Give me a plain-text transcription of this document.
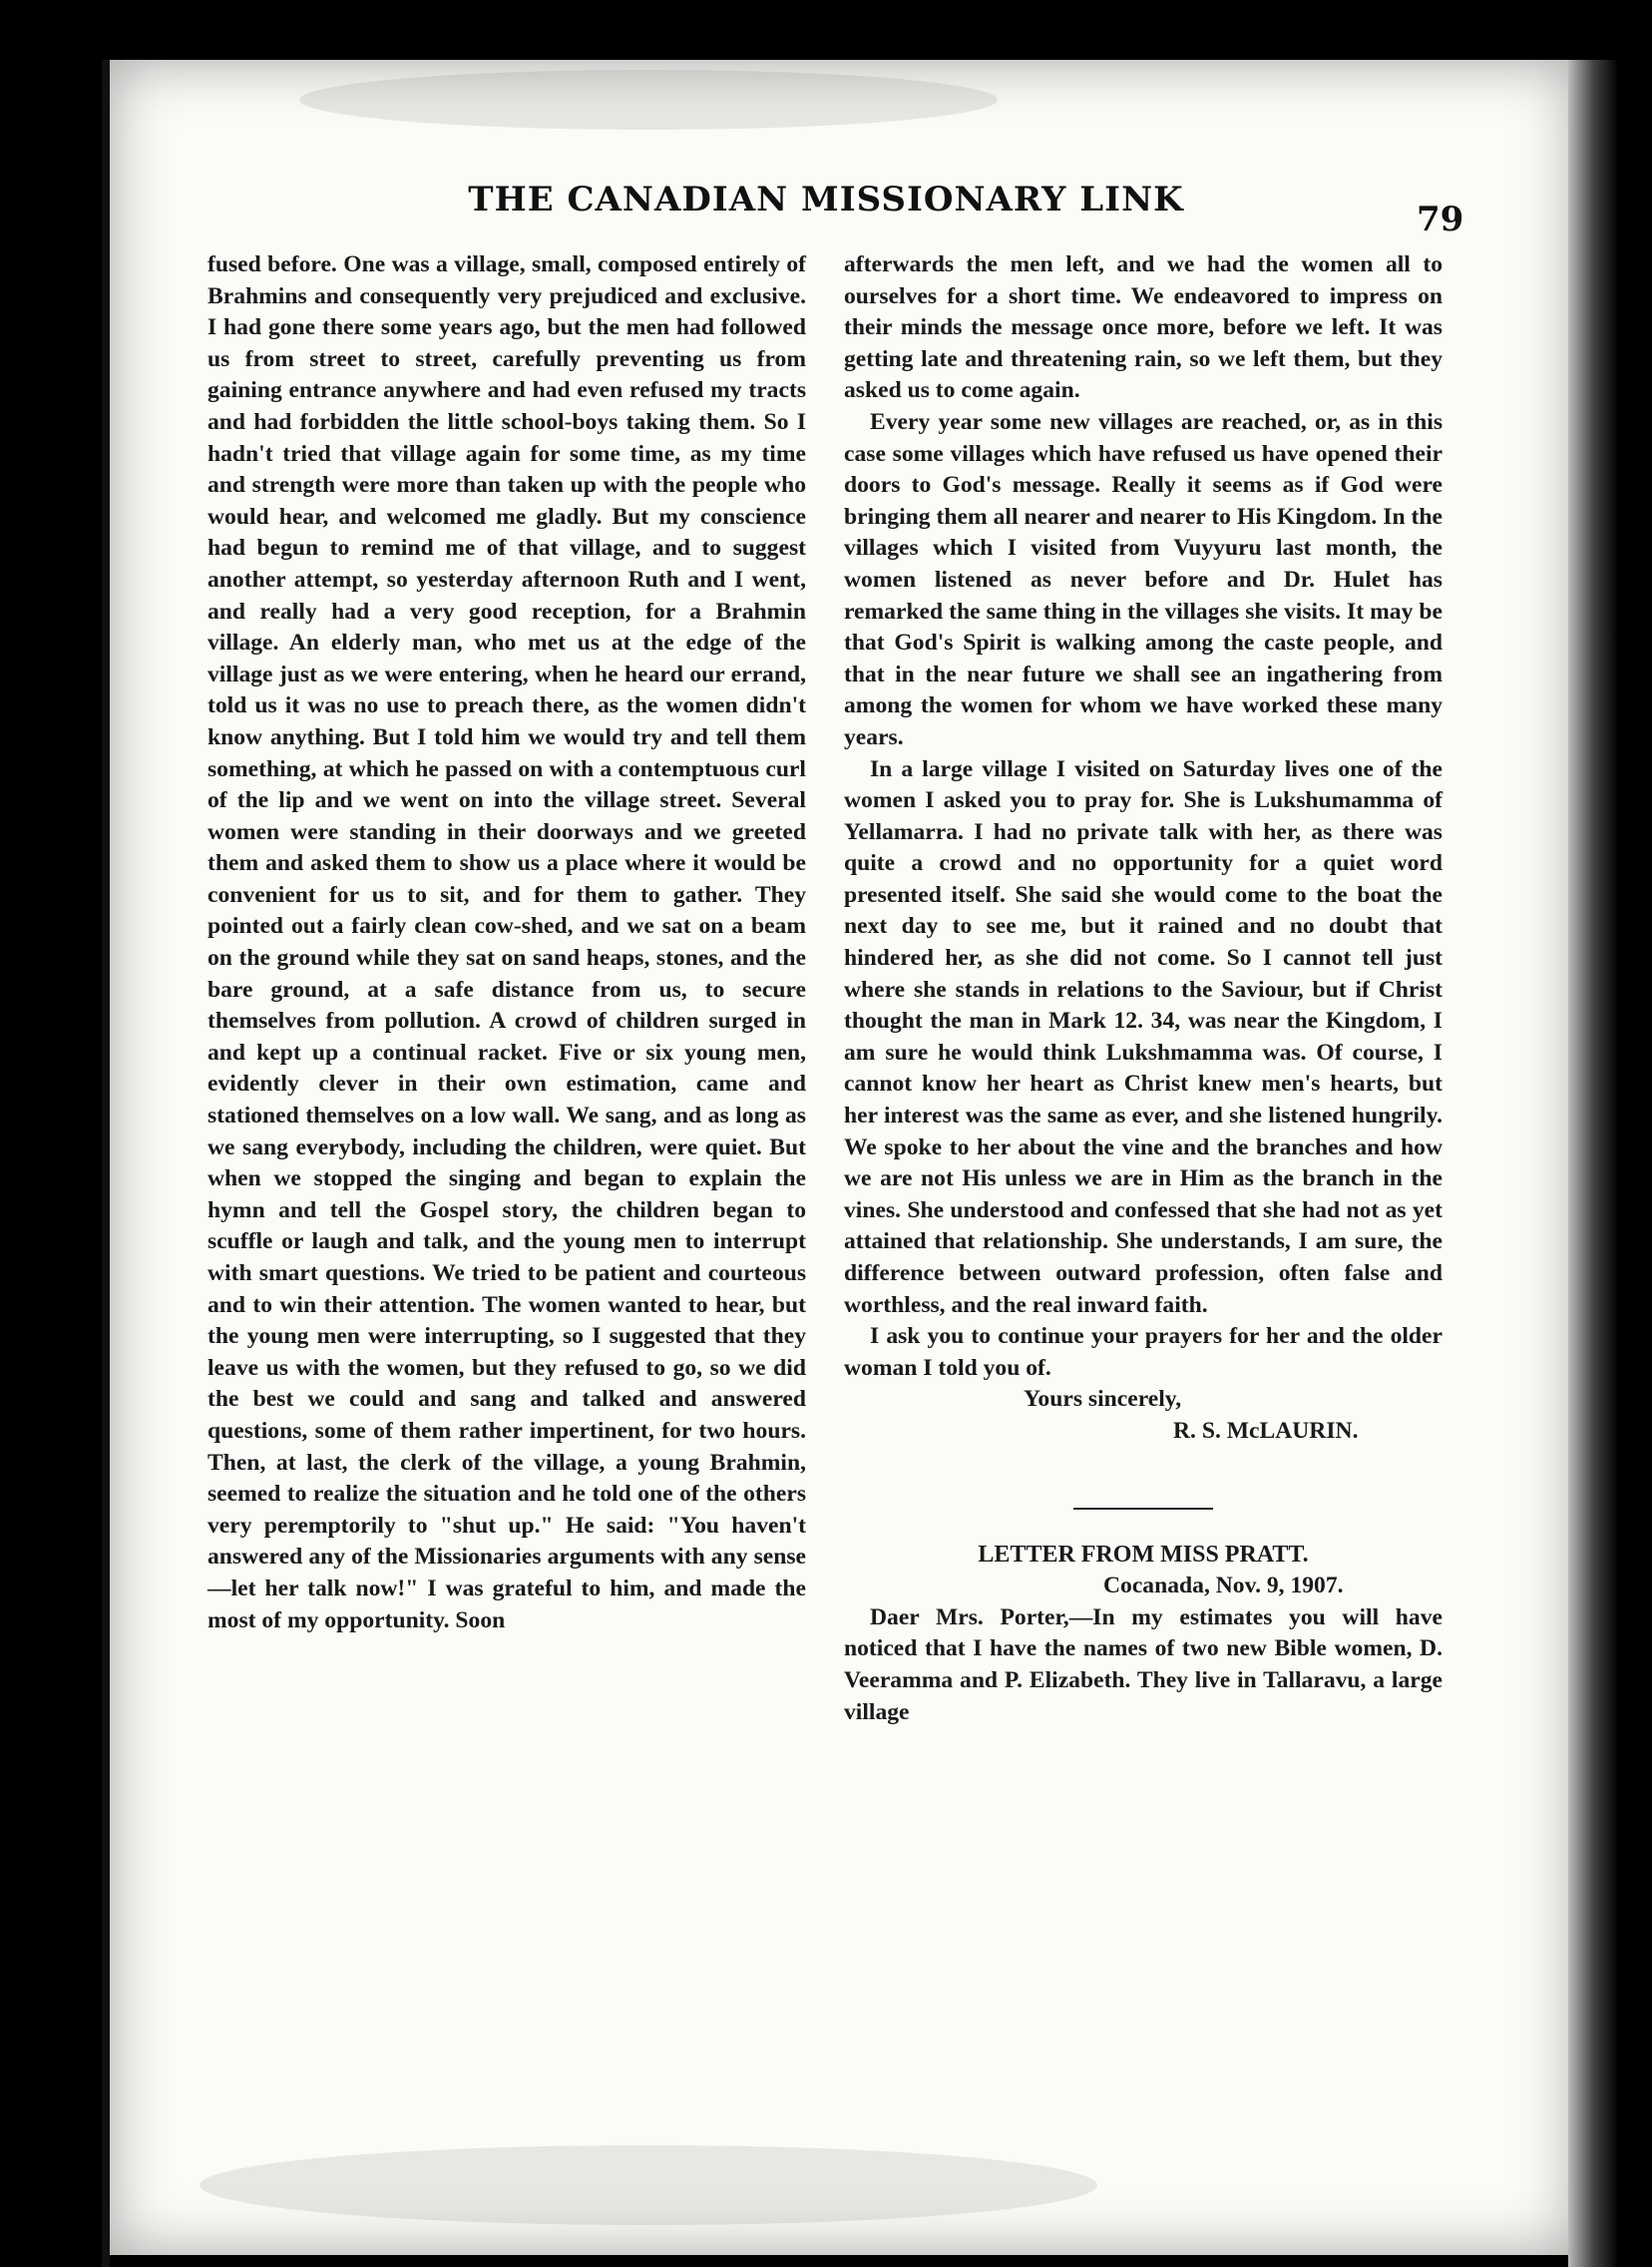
THE CANADIAN MISSIONARY LINK	79

fused before. One was a village, small, composed entirely of Brahmins and consequently very prejudiced and exclusive. I had gone there some years ago, but the men had followed us from street to street, carefully preventing us from gaining entrance anywhere and had even refused my tracts and had forbidden the little school-boys taking them. So I hadn't tried that village again for some time, as my time and strength were more than taken up with the people who would hear, and welcomed me gladly. But my conscience had begun to remind me of that village, and to suggest another attempt, so yesterday afternoon Ruth and I went, and really had a very good reception, for a Brahmin village. An elderly man, who met us at the edge of the village just as we were entering, when he heard our errand, told us it was no use to preach there, as the women didn't know anything. But I told him we would try and tell them something, at which he passed on with a contemptuous curl of the lip and we went on into the village street. Several women were standing in their doorways and we greeted them and asked them to show us a place where it would be convenient for us to sit, and for them to gather. They pointed out a fairly clean cow-shed, and we sat on a beam on the ground while they sat on sand heaps, stones, and the bare ground, at a safe distance from us, to secure themselves from pollution. A crowd of children surged in and kept up a continual racket. Five or six young men, evidently clever in their own estimation, came and stationed themselves on a low wall. We sang, and as long as we sang everybody, including the children, were quiet. But when we stopped the singing and began to explain the hymn and tell the Gospel story, the children began to scuffle or laugh and talk, and the young men to interrupt with smart questions. We tried to be patient and courteous and to win their attention. The women wanted to hear, but the young men were interrupting, so I suggested that they leave us with the women, but they refused to go, so we did the best we could and sang and talked and answered questions, some of them rather impertinent, for two hours. Then, at last, the clerk of the village, a young Brahmin, seemed to realize the situation and he told one of the others very peremptorily to "shut up." He said: "You haven't answered any of the Missionaries arguments with any sense—let her talk now!" I was grateful to him, and made the most of my opportunity. Soon

afterwards the men left, and we had the women all to ourselves for a short time. We endeavored to impress on their minds the message once more, before we left. It was getting late and threatening rain, so we left them, but they asked us to come again.

Every year some new villages are reached, or, as in this case some villages which have refused us have opened their doors to God's message. Really it seems as if God were bringing them all nearer and nearer to His Kingdom. In the villages which I visited from Vuyyuru last month, the women listened as never before and Dr. Hulet has remarked the same thing in the villages she visits. It may be that God's Spirit is walking among the caste people, and that in the near future we shall see an ingathering from among the women for whom we have worked these many years.

In a large village I visited on Saturday lives one of the women I asked you to pray for. She is Lukshumamma of Yellamarra. I had no private talk with her, as there was quite a crowd and no opportunity for a quiet word presented itself. She said she would come to the boat the next day to see me, but it rained and no doubt that hindered her, as she did not come. So I cannot tell just where she stands in relations to the Saviour, but if Christ thought the man in Mark 12. 34, was near the Kingdom, I am sure he would think Lukshmamma was. Of course, I cannot know her heart as Christ knew men's hearts, but her interest was the same as ever, and she listened hungrily. We spoke to her about the vine and the branches and how we are not His unless we are in Him as the branch in the vines. She understood and confessed that she had not as yet attained that relationship. She understands, I am sure, the difference between outward profession, often false and worthless, and the real inward faith.

I ask you to continue your prayers for her and the older woman I told you of.

Yours sincerely,

R. S. McLAURIN.

LETTER FROM MISS PRATT.

Cocanada, Nov. 9, 1907.

Daer Mrs. Porter,—In my estimates you will have noticed that I have the names of two new Bible women, D. Veeramma and P. Elizabeth. They live in Tallaravu, a large village
